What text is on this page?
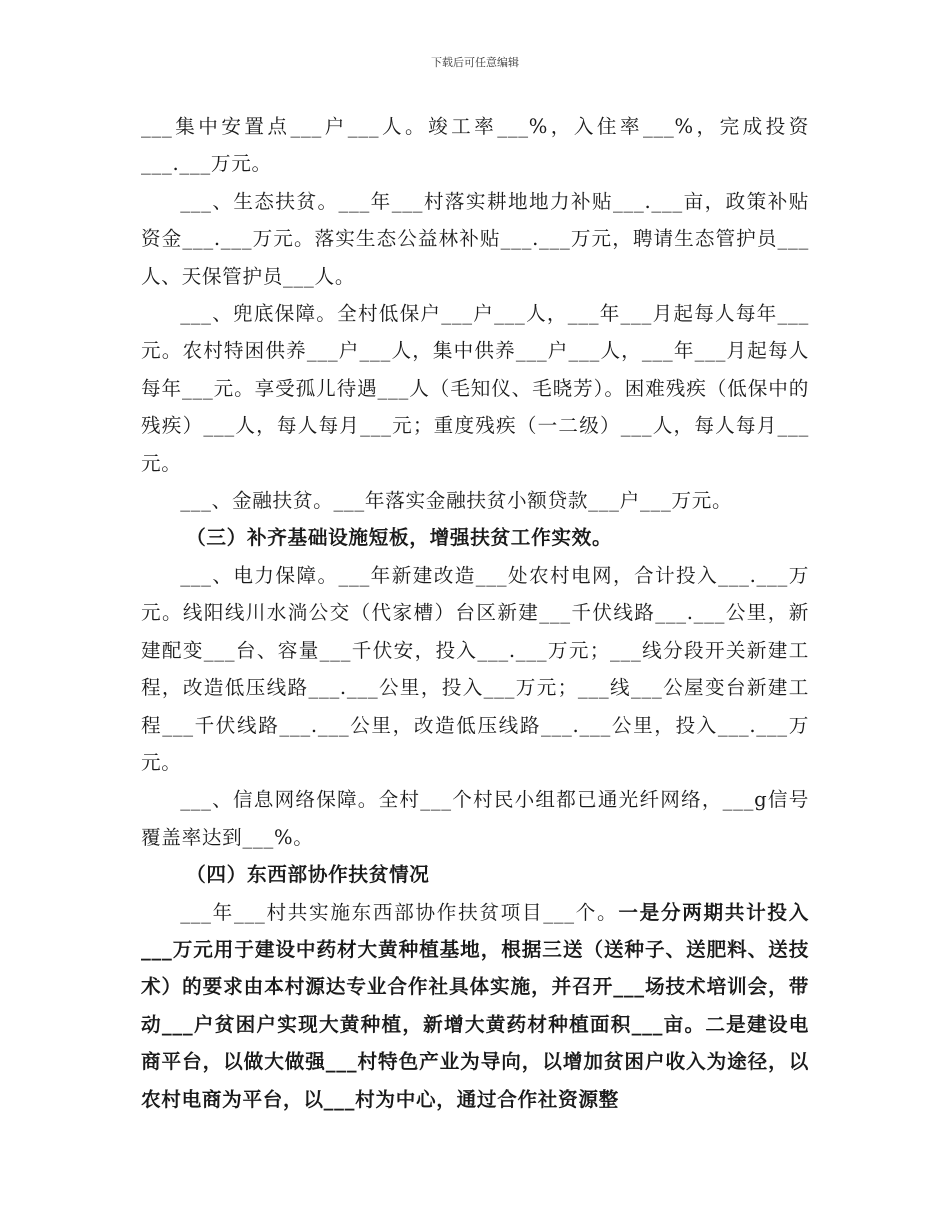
下载后可任意编辑

___集中安置点___户___人。竣工率___%，入住率___%，完成投资___.___万元。

___、生态扶贫。___年___村落实耕地地力补贴___.___亩，政策补贴资金___.___万元。落实生态公益林补贴___.___万元，聘请生态管护员___人、天保管护员___人。

___、兜底保障。全村低保户___户___人，___年___月起每人每年___元。农村特困供养___户___人，集中供养___户___人，___年___月起每人每年___元。享受孤儿待遇___人（毛知仪、毛晓芳）。困难残疾（低保中的残疾）___人，每人每月___元；重度残疾（一二级）___人，每人每月___元。

___、金融扶贫。___年落实金融扶贫小额贷款___户___万元。

（三）补齐基础设施短板，增强扶贫工作实效。

___、电力保障。___年新建改造___处农村电网，合计投入___.___万元。线阳线川水淌公交（代家槽）台区新建___千伏线路___.___公里，新建配变___台、容量___千伏安，投入___.___万元；___线分段开关新建工程，改造低压线路___.___公里，投入___万元；___线___公屋变台新建工程___千伏线路___.___公里，改造低压线路___.___公里，投入___.___万元。

___、信息网络保障。全村___个村民小组都已通光纤网络，___g信号覆盖率达到___%。

（四）东西部协作扶贫情况

___年___村共实施东西部协作扶贫项目___个。一是分两期共计投入___万元用于建设中药材大黄种植基地，根据三送（送种子、送肥料、送技术）的要求由本村源达专业合作社具体实施，并召开___场技术培训会，带动___户贫困户实现大黄种植，新增大黄药材种植面积___亩。二是建设电商平台，以做大做强___村特色产业为导向，以增加贫困户收入为途径，以农村电商为平台，以___村为中心，通过合作社资源整
